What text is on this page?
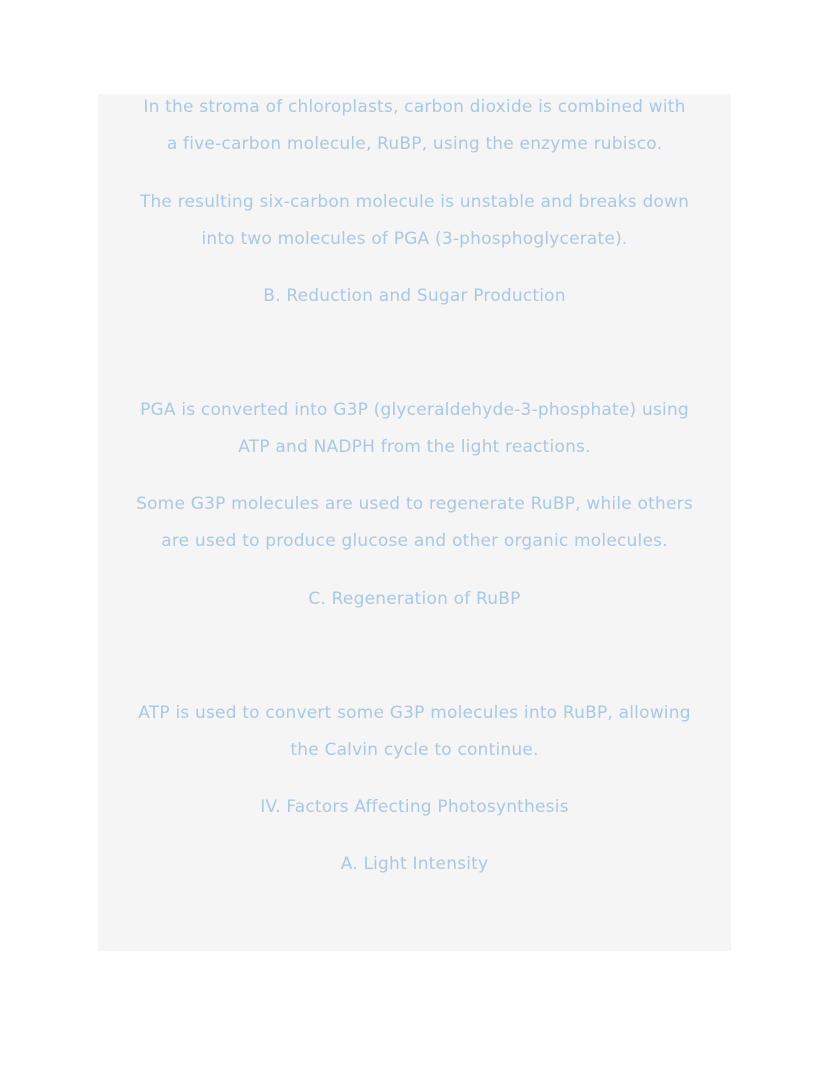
In the stroma of chloroplasts, carbon dioxide is combined with

a five-carbon molecule, RuBP, using the enzyme rubisco.

The resulting six-carbon molecule is unstable and breaks down

into two molecules of PGA (3-phosphoglycerate).

B. Reduction and Sugar Production

PGA is converted into G3P (glyceraldehyde-3-phosphate) using

ATP and NADPH from the light reactions.

Some G3P molecules are used to regenerate RuBP, while others

are used to produce glucose and other organic molecules.

C. Regeneration of RuBP

ATP is used to convert some G3P molecules into RuBP, allowing

the Calvin cycle to continue.

IV. Factors Affecting Photosynthesis

A. Light Intensity
